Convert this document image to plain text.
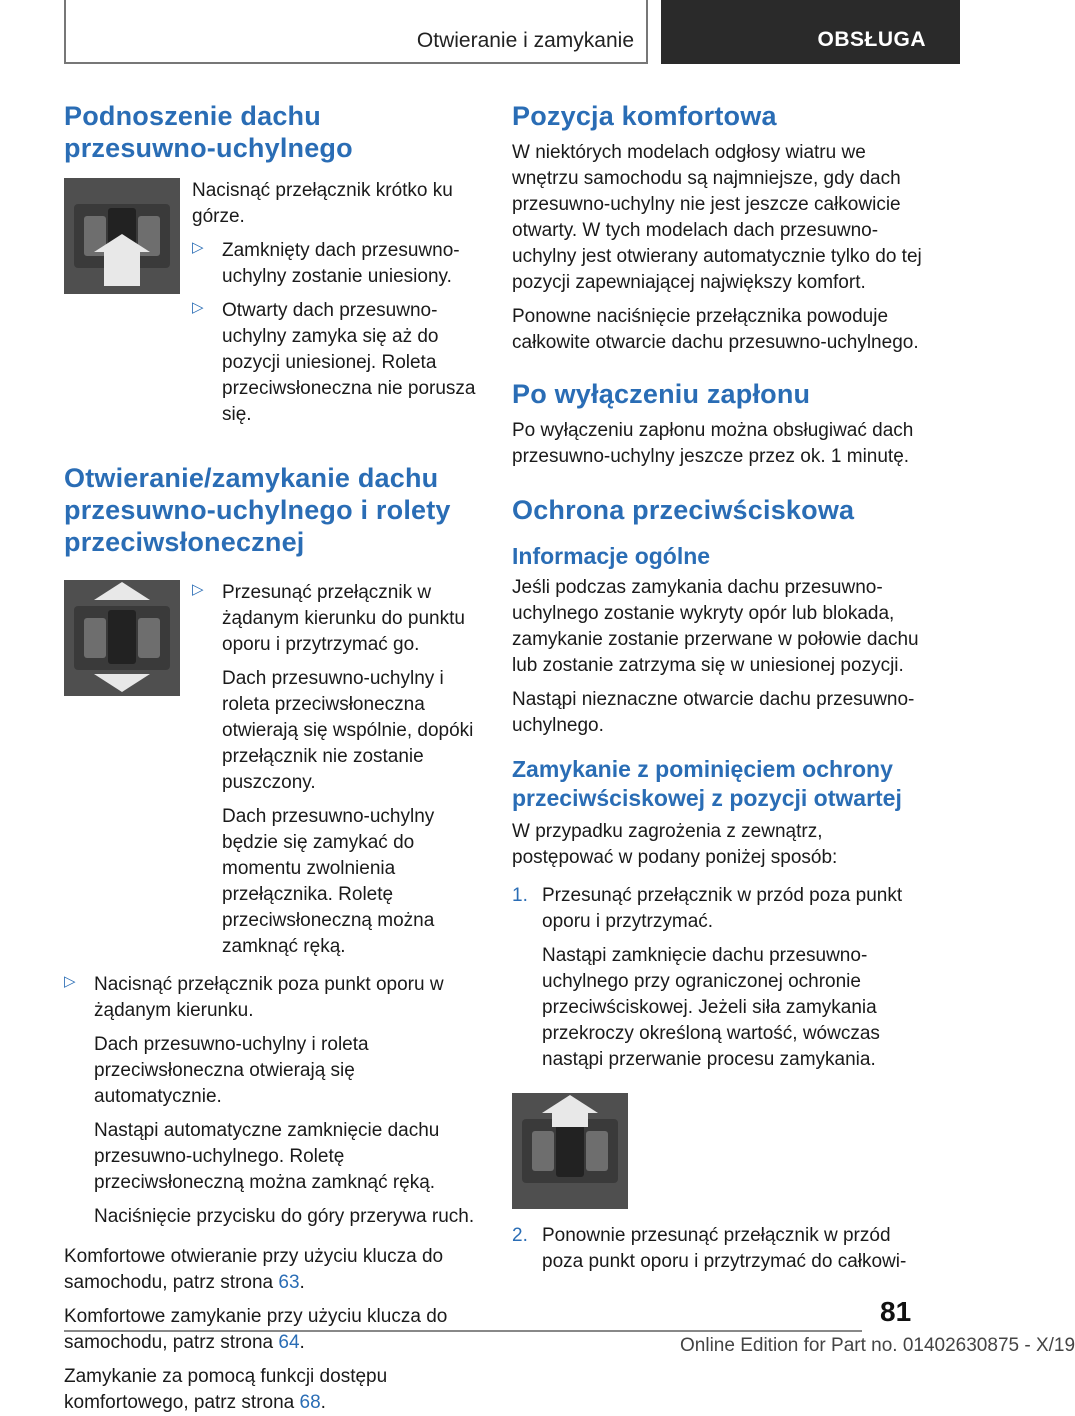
Otwieranie i zamykanie	OBSŁUGA
Podnoszenie dachu przesuwno-uchylnego

Nacisnąć przełącznik krótko ku górze.

▷ Zamknięty dach przesuwno-uchylny zostanie uniesiony.

▷ Otwarty dach przesuwno-uchylny zamyka się aż do pozycji uniesionej. Roleta przeciwsłoneczna nie porusza się.

Otwieranie/zamykanie dachu przesuwno-uchylnego i rolety przeciwsłonecznej

▷ Przesunąć przełącznik w żądanym kierunku do punktu oporu i przytrzymać go.

Dach przesuwno-uchylny i roleta przeciwsłoneczna otwierają się wspólnie, dopóki przełącznik nie zostanie puszczony.

Dach przesuwno-uchylny będzie się zamykać do momentu zwolnienia przełącznika. Roletę przeciwsłoneczną można zamknąć ręką.

▷ Nacisnąć przełącznik poza punkt oporu w żądanym kierunku.

Dach przesuwno-uchylny i roleta przeciwsłoneczna otwierają się automatycznie.

Nastąpi automatyczne zamknięcie dachu przesuwno-uchylnego. Roletę przeciwsłoneczną można zamknąć ręką.

Naciśnięcie przycisku do góry przerywa ruch.

Komfortowe otwieranie przy użyciu klucza do samochodu, patrz strona 63.

Komfortowe zamykanie przy użyciu klucza do samochodu, patrz strona 64.

Zamykanie za pomocą funkcji dostępu komfortowego, patrz strona 68.

Pozycja komfortowa

W niektórych modelach odgłosy wiatru we wnętrzu samochodu są najmniejsze, gdy dach przesuwno-uchylny nie jest jeszcze całkowicie otwarty. W tych modelach dach przesuwno-uchylny jest otwierany automatycznie tylko do tej pozycji zapewniającej największy komfort.

Ponowne naciśnięcie przełącznika powoduje całkowite otwarcie dachu przesuwno-uchylnego.

Po wyłączeniu zapłonu

Po wyłączeniu zapłonu można obsługiwać dach przesuwno-uchylny jeszcze przez ok. 1 minutę.

Ochrona przeciwściskowa
Informacje ogólne

Jeśli podczas zamykania dachu przesuwno-uchylnego zostanie wykryty opór lub blokada, zamykanie zostanie przerwane w połowie dachu lub zostanie zatrzyma się w uniesionej pozycji.

Nastąpi nieznaczne otwarcie dachu przesuwno-uchylnego.

Zamykanie z pominięciem ochrony przeciwściskowej z pozycji otwartej

W przypadku zagrożenia z zewnątrz, postępować w podany poniżej sposób:

1. Przesunąć przełącznik w przód poza punkt oporu i przytrzymać.

Nastąpi zamknięcie dachu przesuwno-uchylnego przy ograniczonej ochronie przeciwściskowej. Jeżeli siła zamykania przekroczy określoną wartość, wówczas nastąpi przerwanie procesu zamykania.

2. Ponownie przesunąć przełącznik w przód poza punkt oporu i przytrzymać do całkowi-

81
Online Edition for Part no. 01402630875 - X/19
